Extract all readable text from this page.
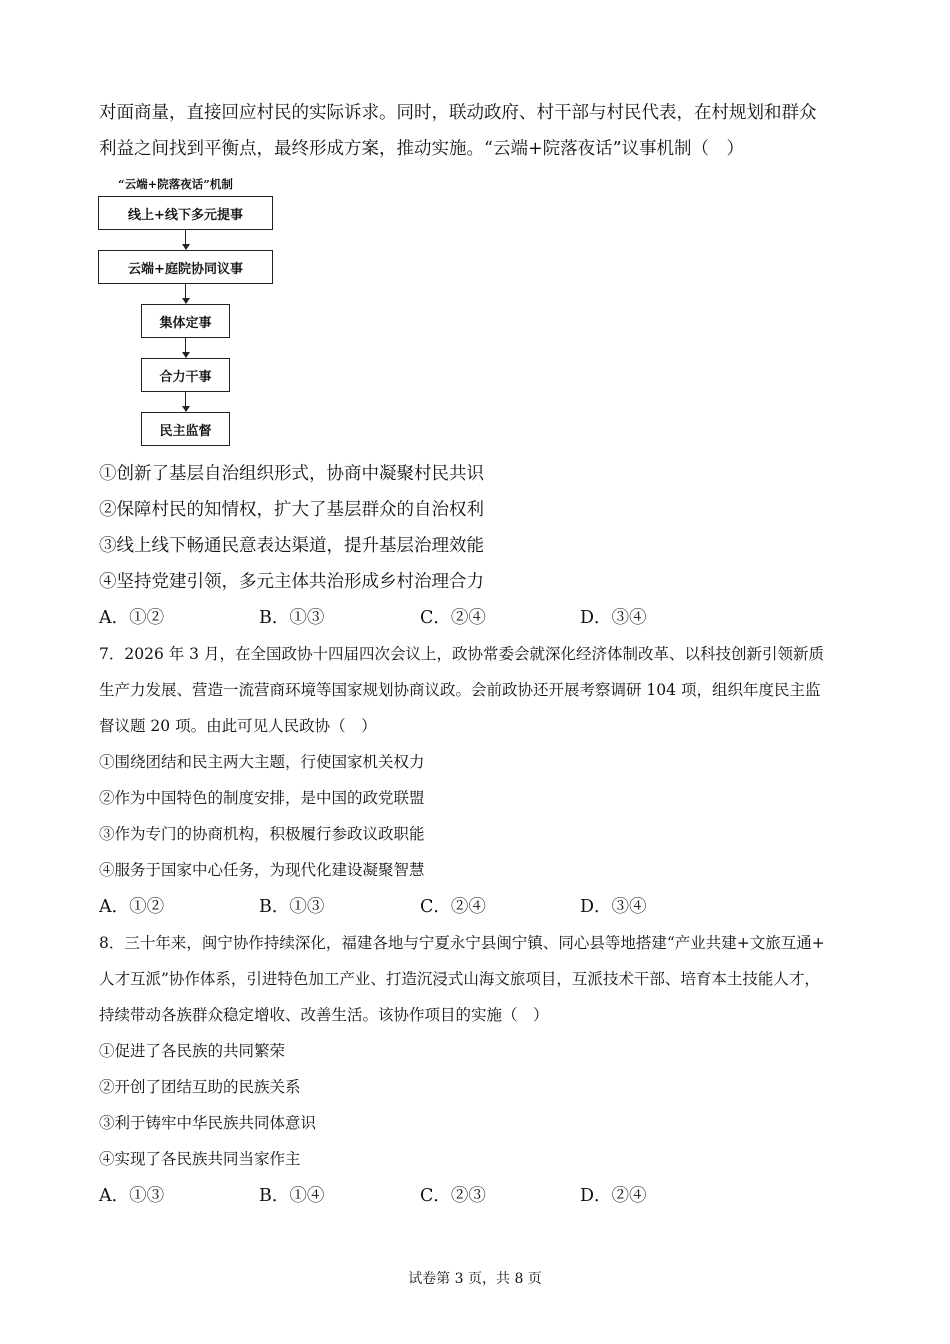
对面商量，直接回应村民的实际诉求。同时，联动政府、村干部与村民代表，在村规划和群众
利益之间找到平衡点，最终形成方案，推动实施。“云端+院落夜话”议事机制（　）
“云端+院落夜话”机制
线上+线下多元提事
云端+庭院协同议事
集体定事
合力干事
民主监督
①创新了基层自治组织形式，协商中凝聚村民共识
②保障村民的知情权，扩大了基层群众的自治权利
③线上线下畅通民意表达渠道，提升基层治理效能
④坚持党建引领，多元主体共治形成乡村治理合力
A．①②	B．①③	C．②④	D．③④
7．2026 年 3 月，在全国政协十四届四次会议上，政协常委会就深化经济体制改革、以科技创新引领新质
生产力发展、营造一流营商环境等国家规划协商议政。会前政协还开展考察调研 104 项，组织年度民主监
督议题 20 项。由此可见人民政协（　）
①围绕团结和民主两大主题，行使国家机关权力
②作为中国特色的制度安排，是中国的政党联盟
③作为专门的协商机构，积极履行参政议政职能
④服务于国家中心任务，为现代化建设凝聚智慧
A．①②	B．①③	C．②④	D．③④
8．三十年来，闽宁协作持续深化，福建各地与宁夏永宁县闽宁镇、同心县等地搭建“产业共建+文旅互通+
人才互派”协作体系，引进特色加工产业、打造沉浸式山海文旅项目，互派技术干部、培育本土技能人才，
持续带动各族群众稳定增收、改善生活。该协作项目的实施（　）
①促进了各民族的共同繁荣
②开创了团结互助的民族关系
③利于铸牢中华民族共同体意识
④实现了各民族共同当家作主
A．①③	B．①④	C．②③	D．②④
试卷第 3 页，共 8 页
